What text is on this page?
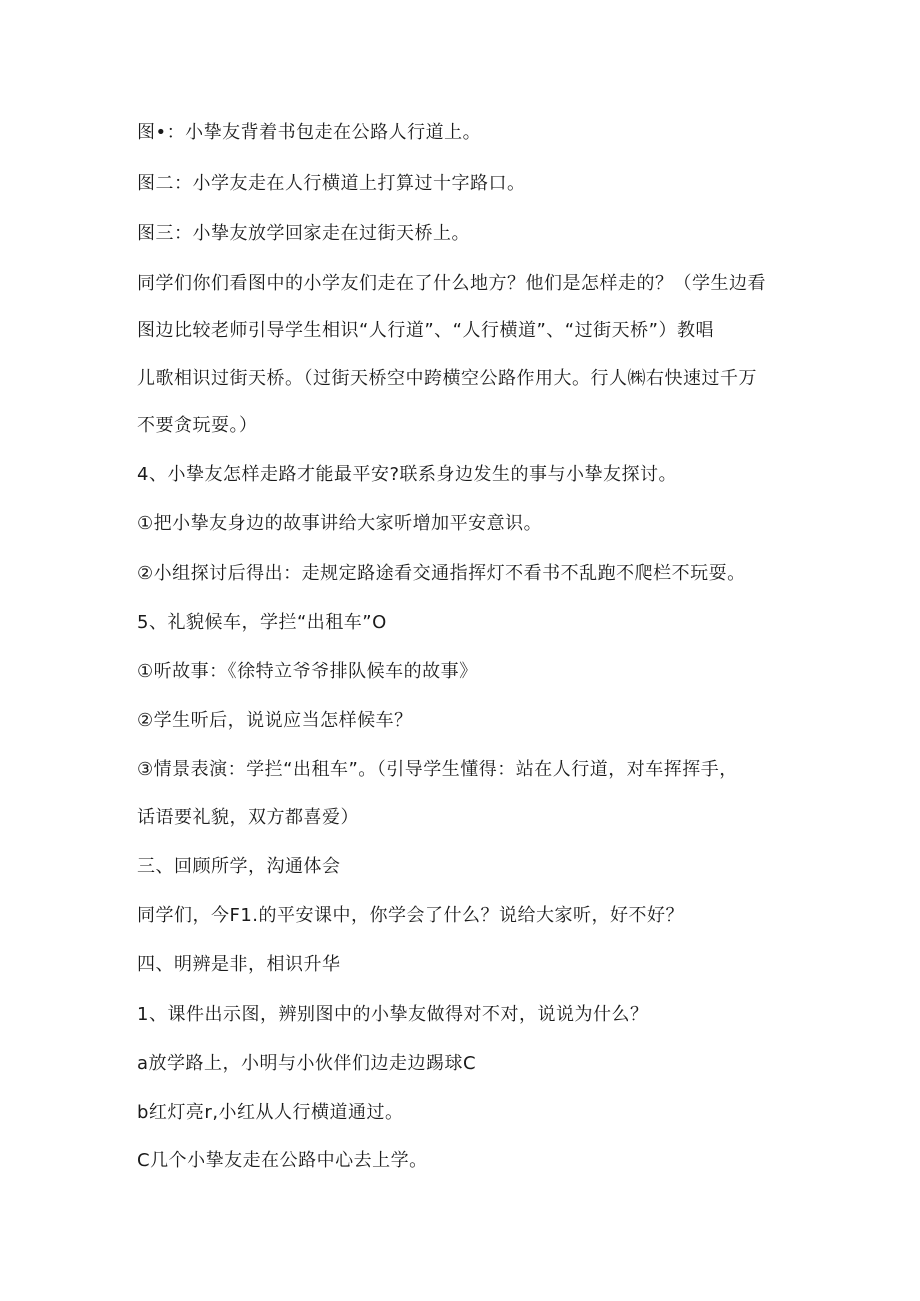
图•：小挚友背着书包走在公路人行道上。
图二：小学友走在人行横道上打算过十字路口。
图三：小挚友放学回家走在过街天桥上。
同学们你们看图中的小学友们走在了什么地方？他们是怎样走的？（学生边看
图边比较老师引导学生相识“人行道”、“人行横道”、“过街天桥”）教唱
儿歌相识过街天桥。（过街天桥空中跨横空公路作用大。行人㈱右快速过千万
不要贪玩耍。）
4、小挚友怎样走路才能最平安?联系身边发生的事与小挚友探讨。
①把小挚友身边的故事讲给大家听增加平安意识。
②小组探讨后得出：走规定路途看交通指挥灯不看书不乱跑不爬栏不玩耍。
5、礼貌候车，学拦“出租车”O
①听故事：《徐特立爷爷排队候车的故事》
②学生听后，说说应当怎样候车？
③情景表演：学拦“出租车”。（引导学生懂得：站在人行道，对车挥挥手，
话语要礼貌，双方都喜爱）
三、回顾所学，沟通体会
同学们，今F1.的平安课中，你学会了什么？说给大家听，好不好？
四、明辨是非，相识升华
1、课件出示图，辨别图中的小挚友做得对不对，说说为什么？
a放学路上，小明与小伙伴们边走边踢球C
b红灯亮r,小红从人行横道通过。
C几个小挚友走在公路中心去上学。
